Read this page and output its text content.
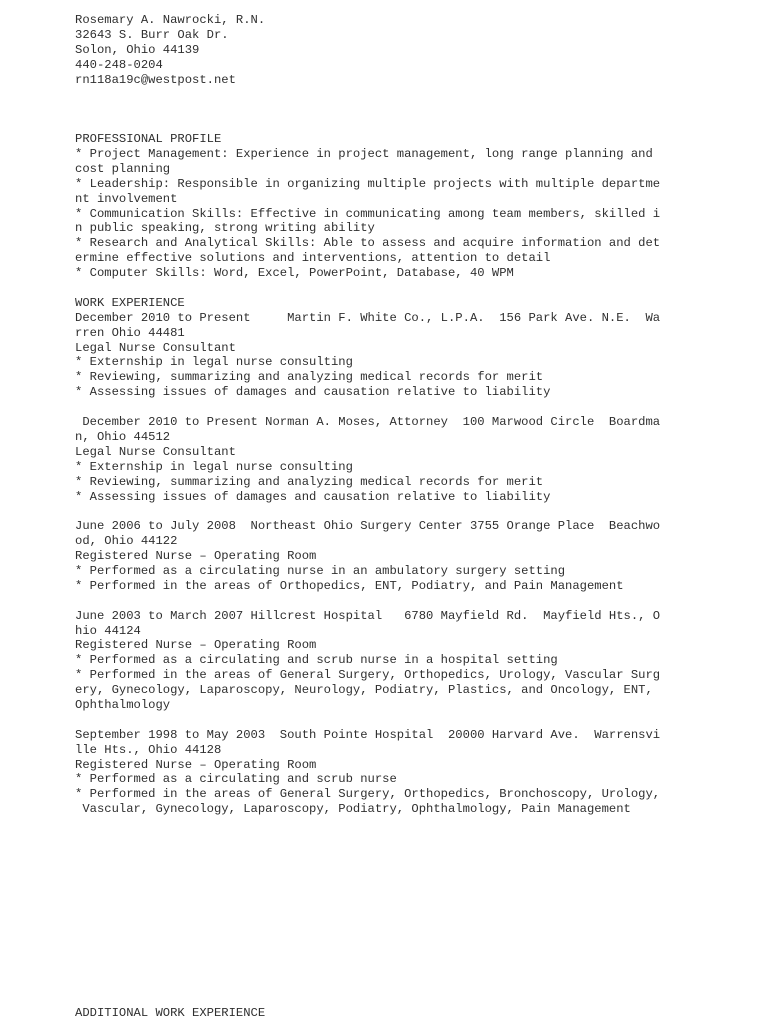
Rosemary A. Nawrocki, R.N.
32643 S. Burr Oak Dr.
Solon, Ohio 44139
440-248-0204
rn118a19c@westpost.net
PROFESSIONAL PROFILE
* Project Management: Experience in project management, long range planning and
cost planning
* Leadership: Responsible in organizing multiple projects with multiple departme
nt involvement
* Communication Skills: Effective in communicating among team members, skilled i
n public speaking, strong writing ability
* Research and Analytical Skills: Able to assess and acquire information and det
ermine effective solutions and interventions, attention to detail
* Computer Skills: Word, Excel, PowerPoint, Database, 40 WPM
WORK EXPERIENCE
December 2010 to Present     Martin F. White Co., L.P.A.  156 Park Ave. N.E.  Wa
rren Ohio 44481
Legal Nurse Consultant
* Externship in legal nurse consulting
* Reviewing, summarizing and analyzing medical records for merit
* Assessing issues of damages and causation relative to liability
December 2010 to Present Norman A. Moses, Attorney  100 Marwood Circle  Boardma
n, Ohio 44512
Legal Nurse Consultant
* Externship in legal nurse consulting
* Reviewing, summarizing and analyzing medical records for merit
* Assessing issues of damages and causation relative to liability
June 2006 to July 2008  Northeast Ohio Surgery Center 3755 Orange Place  Beachwo
od, Ohio 44122
Registered Nurse – Operating Room
* Performed as a circulating nurse in an ambulatory surgery setting
* Performed in the areas of Orthopedics, ENT, Podiatry, and Pain Management
June 2003 to March 2007 Hillcrest Hospital   6780 Mayfield Rd.  Mayfield Hts., O
hio 44124
Registered Nurse – Operating Room
* Performed as a circulating and scrub nurse in a hospital setting
* Performed in the areas of General Surgery, Orthopedics, Urology, Vascular Surg
ery, Gynecology, Laparoscopy, Neurology, Podiatry, Plastics, and Oncology, ENT,
Ophthalmology
September 1998 to May 2003  South Pointe Hospital  20000 Harvard Ave.  Warrensvi
lle Hts., Ohio 44128
Registered Nurse – Operating Room
* Performed as a circulating and scrub nurse
* Performed in the areas of General Surgery, Orthopedics, Bronchoscopy, Urology,
Vascular, Gynecology, Laparoscopy, Podiatry, Ophthalmology, Pain Management
ADDITIONAL WORK EXPERIENCE
